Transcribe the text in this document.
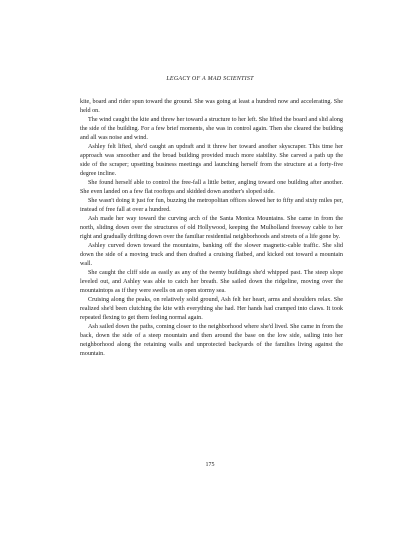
LEGACY OF A MAD SCIENTIST

kite, board and rider spun toward the ground. She was going at least a hundred now and accelerating. She held on.

The wind caught the kite and threw her toward a structure to her left. She lifted the board and slid along the side of the building. For a few brief moments, she was in control again. Then she cleared the building and all was noise and wind.

Ashley felt lifted, she'd caught an updraft and it threw her toward another skyscraper. This time her approach was smoother and the broad building provided much more stability. She carved a path up the side of the scraper; upsetting business meetings and launching herself from the structure at a forty-five degree incline.

She found herself able to control the free-fall a little better, angling toward one building after another. She even landed on a few flat rooftops and skidded down another's sloped side.

She wasn't doing it just for fun, buzzing the metropolitan offices slowed her to fifty and sixty miles per, instead of free fall at over a hundred.

Ash made her way toward the curving arch of the Santa Monica Mountains. She came in from the north, sliding down over the structures of old Hollywood, keeping the Mulholland freeway cable to her right and gradually drifting down over the familiar residential neighborhoods and streets of a life gone by.

Ashley curved down toward the mountains, banking off the slower magnetic-cable traffic. She slid down the side of a moving truck and then drafted a cruising flatbed, and kicked out toward a mountain wall.

She caught the cliff side as easily as any of the twenty buildings she'd whipped past. The steep slope leveled out, and Ashley was able to catch her breath. She sailed down the ridgeline, moving over the mountaintops as if they were swells on an open stormy sea.

Cruising along the peaks, on relatively solid ground, Ash felt her heart, arms and shoulders relax. She realized she'd been clutching the kite with everything she had. Her hands had cramped into claws. It took repeated flexing to get them feeling normal again.

Ash sailed down the paths, coming closer to the neighborhood where she'd lived. She came in from the back, down the side of a steep mountain and then around the base on the low side, sailing into her neighborhood along the retaining walls and unprotected backyards of the families living against the mountain.

175
